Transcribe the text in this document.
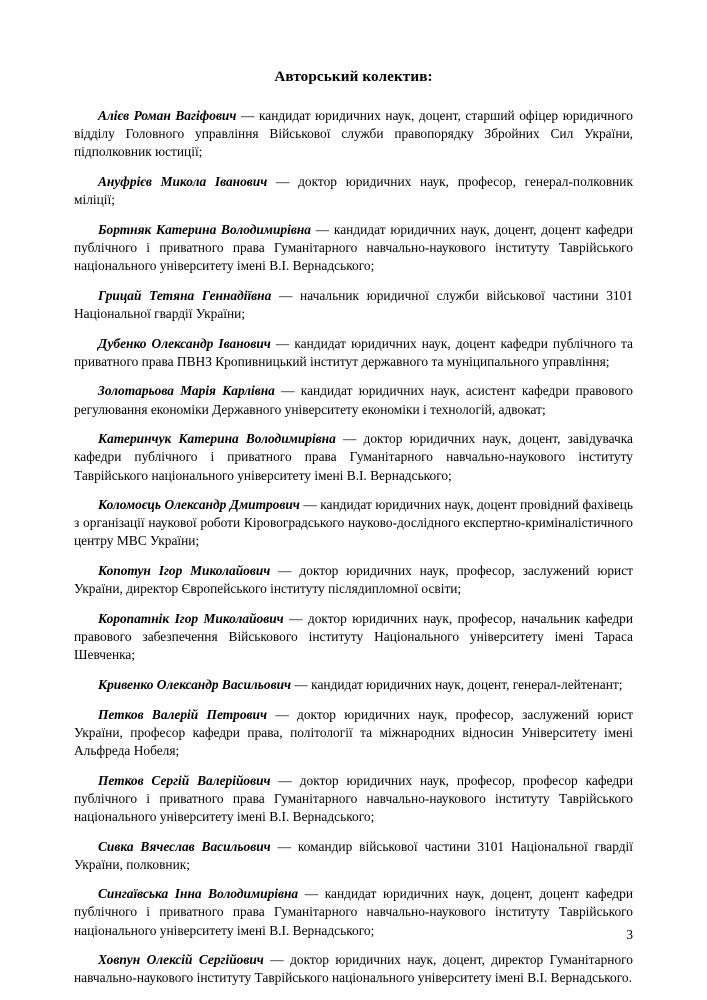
Авторський колектив:

Алієв Роман Вагіфович — кандидат юридичних наук, доцент, старший офіцер юридичного відділу Головного управління Військової служби правопорядку Збройних Сил України, підполковник юстиції;

Ануфрієв Микола Іванович — доктор юридичних наук, професор, генерал-полковник міліції;

Бортняк Катерина Володимирівна — кандидат юридичних наук, доцент, доцент кафедри публічного і приватного права Гуманітарного навчально-наукового інституту Таврійського національного університету імені В.І. Вернадського;

Грицай Тетяна Геннадіївна — начальник юридичної служби військової частини 3101 Національної гвардії України;

Дубенко Олександр Іванович — кандидат юридичних наук, доцент кафедри публічного та приватного права ПВНЗ Кропивницький інститут державного та муніципального управління;

Золотарьова Марія Карлівна — кандидат юридичних наук, асистент кафедри правового регулювання економіки Державного університету економіки і технологій, адвокат;

Катеринчук Катерина Володимирівна — доктор юридичних наук, доцент, завідувачка кафедри публічного і приватного права Гуманітарного навчально-наукового інституту Таврійського національного університету імені В.І. Вернадського;

Коломоєць Олександр Дмитрович — кандидат юридичних наук, доцент провідний фахівець з організації наукової роботи Кіровоградського науково-дослідного експертно-криміналістичного центру МВС України;

Копотун Ігор Миколайович — доктор юридичних наук, професор, заслужений юрист України, директор Європейського інституту післядипломної освіти;

Коропатнік Ігор Миколайович — доктор юридичних наук, професор, начальник кафедри правового забезпечення Військового інституту Національного університету імені Тараса Шевченка;

Кривенко Олександр Васильович — кандидат юридичних наук, доцент, генерал-лейтенант;

Петков Валерій Петрович — доктор юридичних наук, професор, заслужений юрист України, професор кафедри права, політології та міжнародних відносин Університету імені Альфреда Нобеля;

Петков Сергій Валерійович — доктор юридичних наук, професор, професор кафедри публічного і приватного права Гуманітарного навчально-наукового інституту Таврійського національного університету імені В.І. Вернадського;

Сивка Вячеслав Васильович — командир військової частини 3101 Національної гвардії України, полковник;

Сингаївська Інна Володимирівна — кандидат юридичних наук, доцент, доцент кафедри публічного і приватного права Гуманітарного навчально-наукового інституту Таврійського національного університету імені В.І. Вернадського;

Ховпун Олексій Сергійович — доктор юридичних наук, доцент, директор Гуманітарного навчально-наукового інституту Таврійського національного університету імені В.І. Вернадського.

3
